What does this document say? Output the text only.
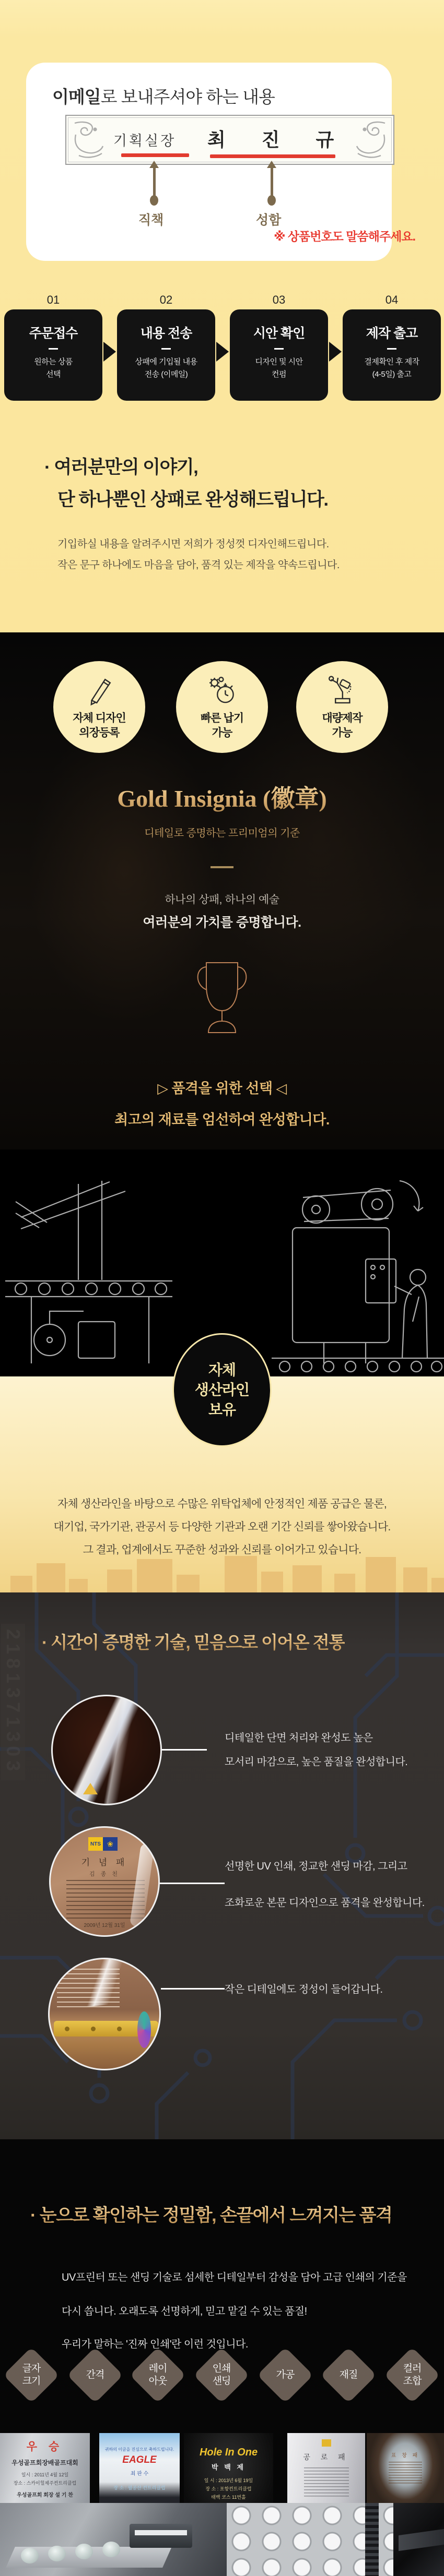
이메일로 보내주셔야 하는 내용
기획실장 최 진 규
직책	성함
※ 상품번호도 말씀해주세요.
01	02	03	04
주문접수
원하는 상품
선택
내용 전송
상패에 기입될 내용
전송 (이메일)
시안 확인
디자인 및 시안
컨펌
제작 출고
결제확인 후 제작
(4-5일) 출고
· 여러분만의 이야기,
단 하나뿐인 상패로 완성해드립니다.
기입하실 내용을 알려주시면 저희가 정성껏 디자인해드립니다.
작은 문구 하나에도 마음을 담아, 품격 있는 제작을 약속드립니다.
자체 디자인
의장등록
빠른 납기
가능
대량제작
가능
Gold Insignia (徽章)
디테일로 증명하는 프리미엄의 기준
하나의 상패, 하나의 예술
여러분의 가치를 증명합니다.
▷ 품격을 위한 선택 ◁
최고의 재료를 엄선하여 완성합니다.
자체
생산라인
보유
자체 생산라인을 바탕으로 수많은 위탁업체에 안정적인 제품 공급은 물론,
대기업, 국가기관, 관공서 등 다양한 기관과 오랜 기간 신뢰를 쌓아왔습니다.
그 결과, 업계에서도 꾸준한 성과와 신뢰를 이어가고 있습니다.
2181371303 · 시간이 증명한 기술, 믿음으로 이어온 전통
디테일한 단면 처리와 완성도 높은
모서리 마감으로, 높은 품질을 완성합니다.
NTS ❀
기 념 패
김 종 친
2009년 12월 31일
선명한 UV 인쇄, 정교한 샌딩 마감, 그리고
조화로운 본문 디자인으로 품격을 완성합니다.
작은 디테일에도 정성이 들어갑니다.
· 눈으로 확인하는 정밀함, 손끝에서 느껴지는 품격
UV프린터 또는 샌딩 기술로 섬세한 디테일부터 감성을 담아 고급 인쇄의 기준을
다시 씁니다. 오래도록 선명하게, 믿고 맡길 수 있는 품질!
우리가 말하는 '진짜 인쇄'란 이런 것입니다.
글자
크기
간격
레이
아웃
인쇄
샌딩
가공	재질
컬러
조합
우 승
우성골프회장배골프대회
일시 : 2011년 4월 12일
장소 : 스카이힐제주컨트리클럽
우성골프회 회장 설 기 찬
귀하의 이글을 진심으로 축하드립니다.
EAGLE
최 판 수
장 소 : 월공산 컨트리클럽
Hole In One
박 백 제
일 시 : 2013년 6월 19일
장 소 : 포항컨트리클럽
태백 코스 11번홀
공 로 패	표 창 패
